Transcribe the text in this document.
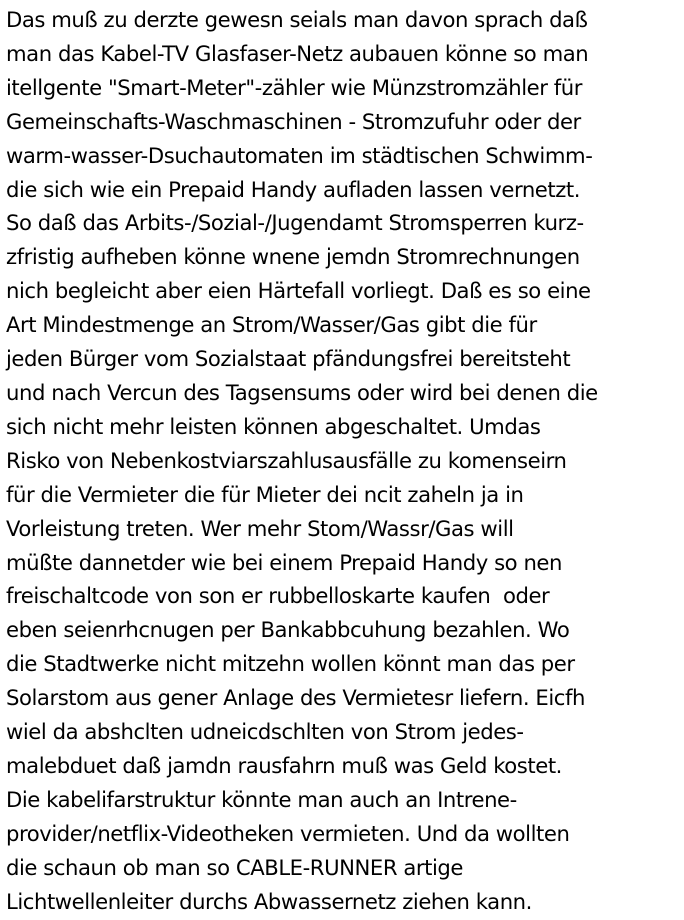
Das muß zu derzte gewesn seials man davon sprach daß
man das Kabel-TV Glasfaser-Netz aubauen könne so man
itellgente "Smart-Meter"-zähler wie Münzstromzähler für
Gemeinschafts-Waschmaschinen - Stromzufuhr oder der
warm-wasser-Dsuchautomaten im städtischen Schwimm-
die sich wie ein Prepaid Handy aufladen lassen vernetzt.
So daß das Arbits-/Sozial-/Jugendamt Stromsperren kurz-
zfristig aufheben könne wnene jemdn Stromrechnungen
nich begleicht aber eien Härtefall vorliegt. Daß es so eine
Art Mindestmenge an Strom/Wasser/Gas gibt die für
jeden Bürger vom Sozialstaat pfändungsfrei bereitsteht
und nach Vercun des Tagsensums oder wird bei denen die
sich nicht mehr leisten können abgeschaltet. Umdas
Risko von Nebenkostviarszahlusausfälle zu komenseirn
für die Vermieter die für Mieter dei ncit zaheln ja in
Vorleistung treten. Wer mehr Stom/Wassr/Gas will
müßte dannetder wie bei einem Prepaid Handy so nen
freischaltcode von son er rubbelloskarte kaufen  oder
eben seienrhcnugen per Bankabbcuhung bezahlen. Wo
die Stadtwerke nicht mitzehn wollen könnt man das per
Solarstom aus gener Anlage des Vermietesr liefern. Eicfh
wiel da abshclten udneicdschlten von Strom jedes-
malebduet daß jamdn rausfahrn muß was Geld kostet.
Die kabelifarstruktur könnte man auch an Intrene-
provider/netflix-Videotheken vermieten. Und da wollten
die schaun ob man so CABLE-RUNNER artige
Lichtwellenleiter durchs Abwassernetz ziehen kann.
